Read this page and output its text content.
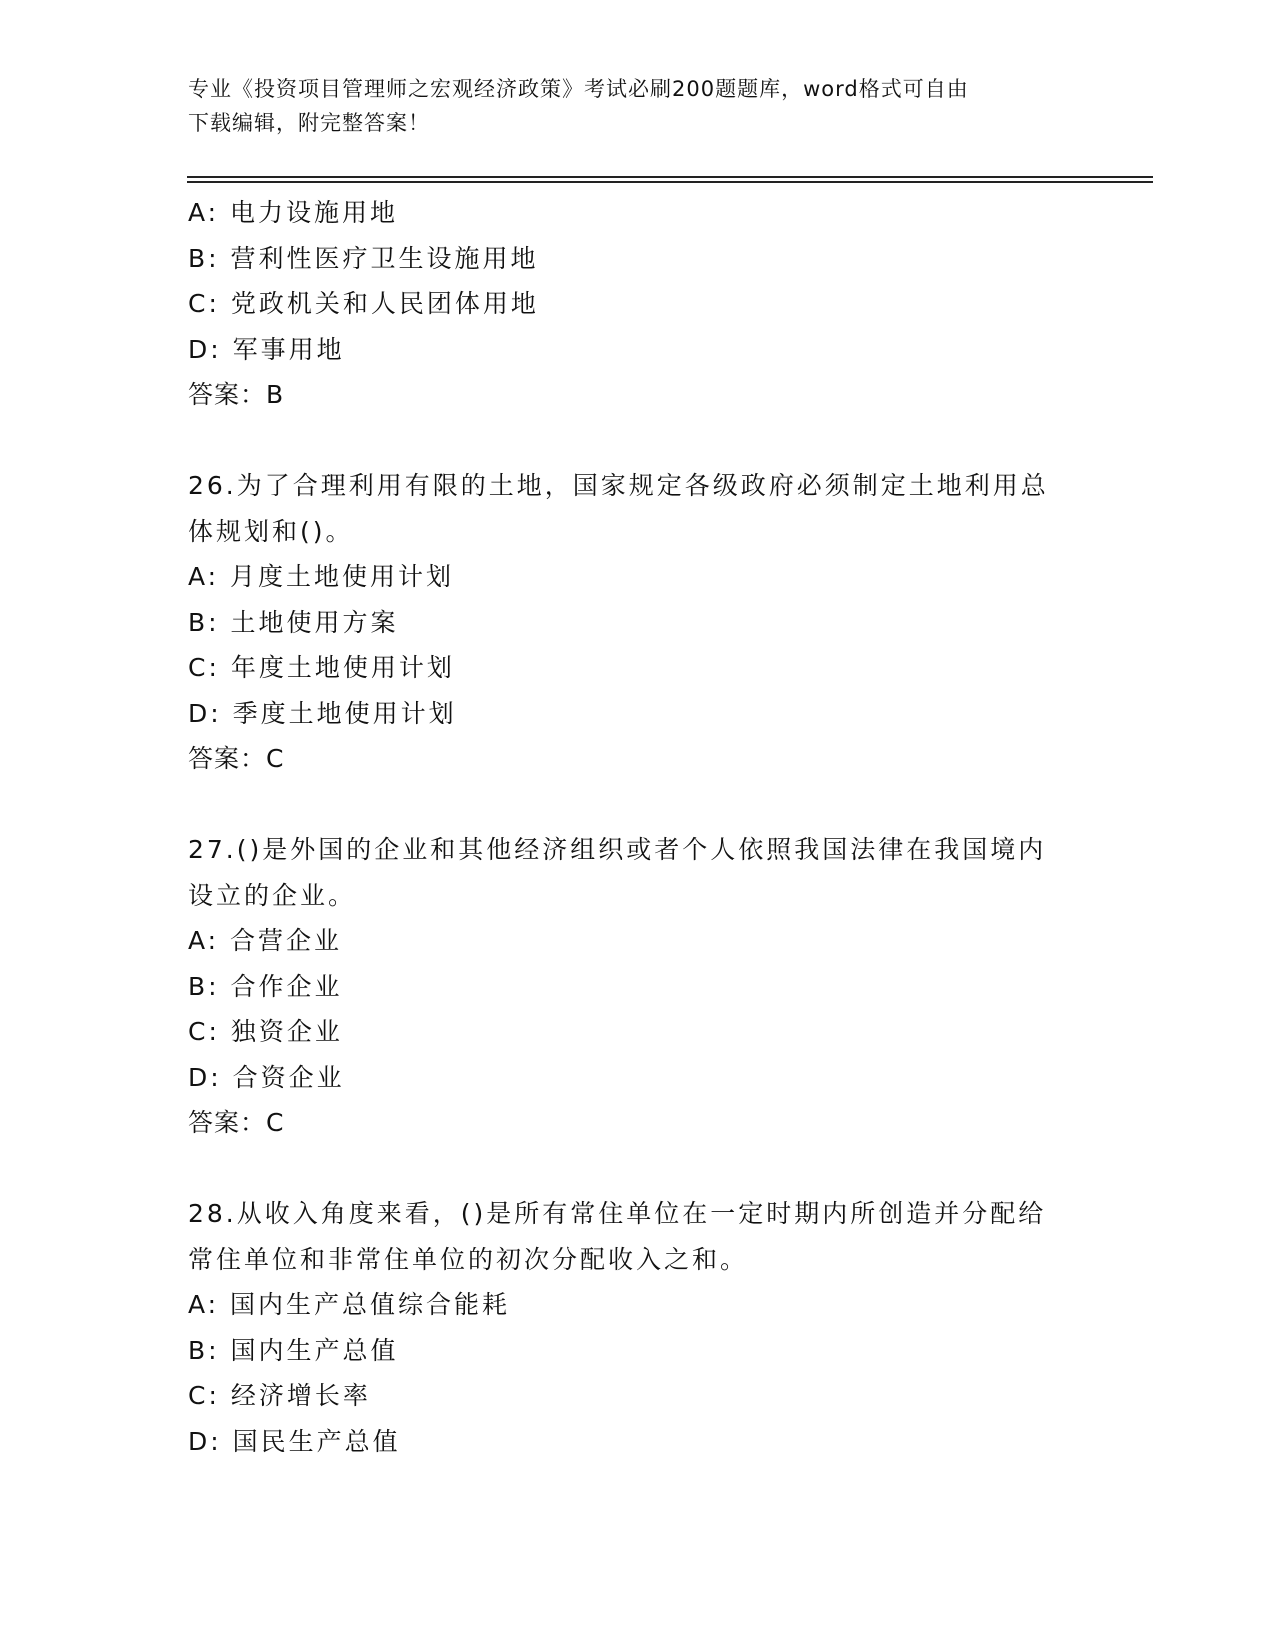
专业《投资项目管理师之宏观经济政策》考试必刷200题题库，word格式可自由
下载编辑，附完整答案！
A: 电力设施用地
B: 营利性医疗卫生设施用地
C: 党政机关和人民团体用地
D: 军事用地
答案：B
26.为了合理利用有限的土地，国家规定各级政府必须制定土地利用总
体规划和()。
A: 月度土地使用计划
B: 土地使用方案
C: 年度土地使用计划
D: 季度土地使用计划
答案：C
27.()是外国的企业和其他经济组织或者个人依照我国法律在我国境内
设立的企业。
A: 合营企业
B: 合作企业
C: 独资企业
D: 合资企业
答案：C
28.从收入角度来看，()是所有常住单位在一定时期内所创造并分配给
常住单位和非常住单位的初次分配收入之和。
A: 国内生产总值综合能耗
B: 国内生产总值
C: 经济增长率
D: 国民生产总值
